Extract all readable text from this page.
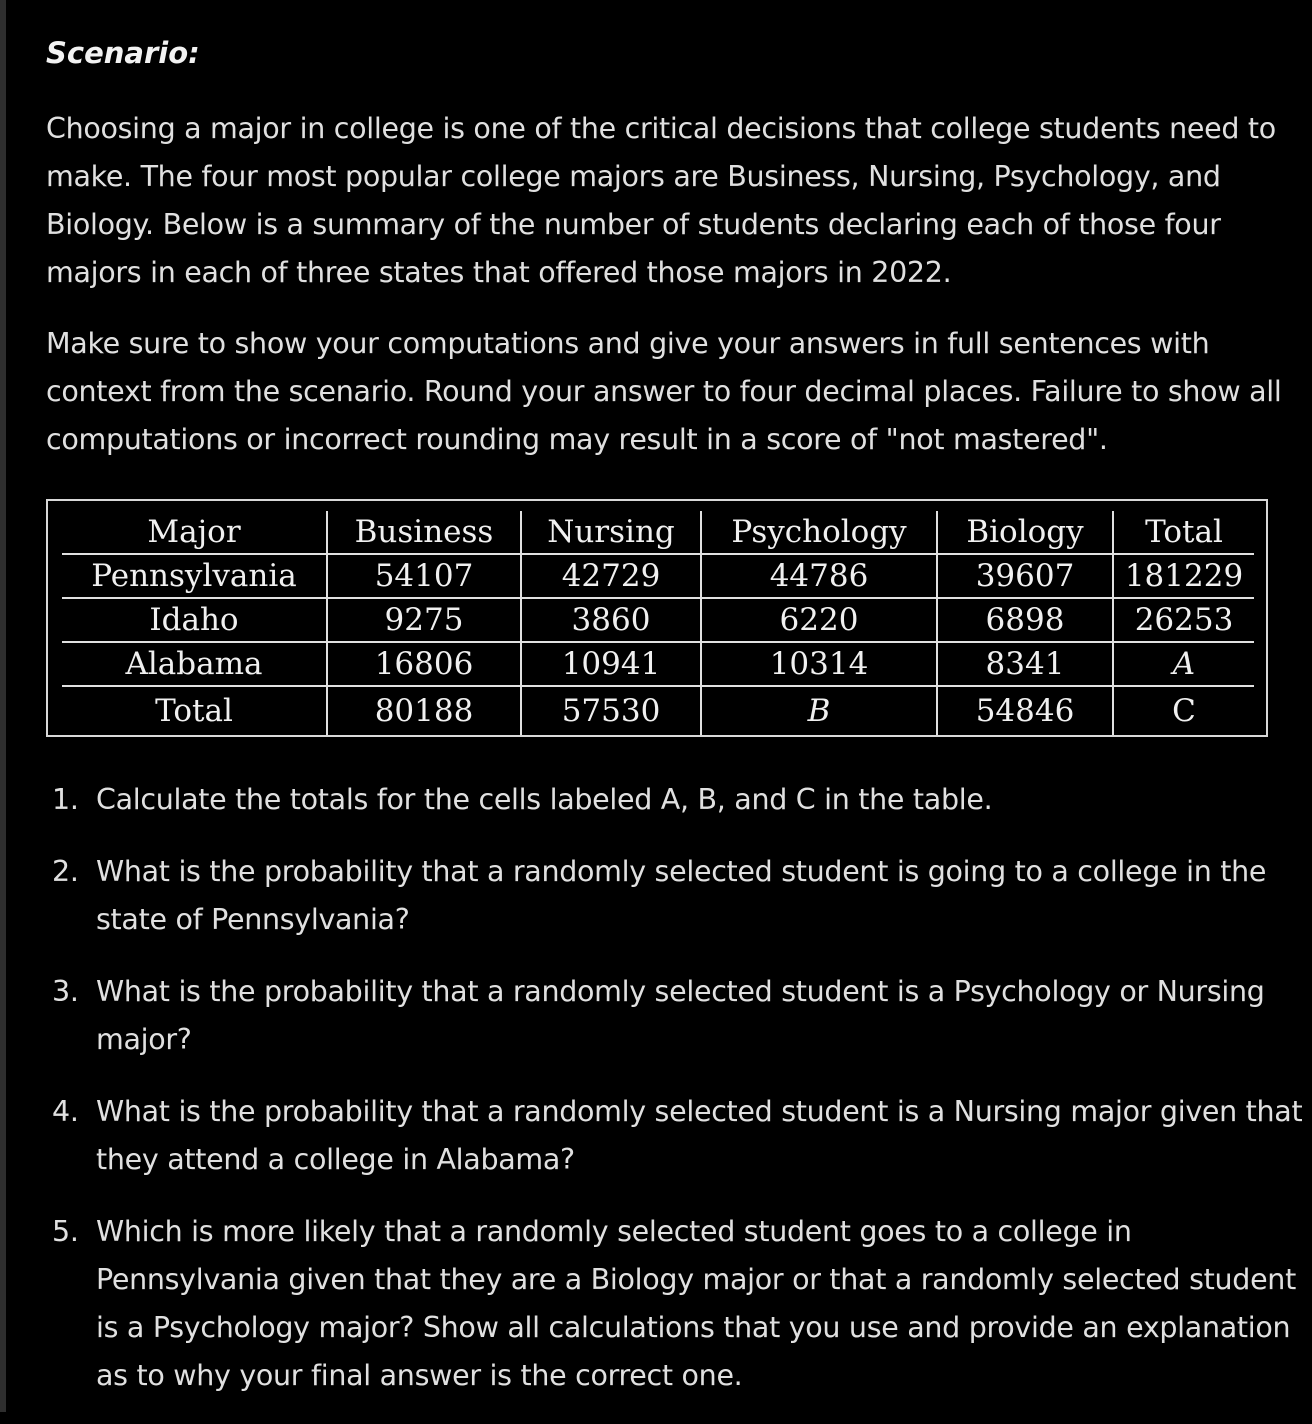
Scenario:
Choosing a major in college is one of the critical decisions that college students need to make. The four most popular college majors are Business, Nursing, Psychology, and Biology. Below is a summary of the number of students declaring each of those four majors in each of three states that offered those majors in 2022.
Make sure to show your computations and give your answers in full sentences with context from the scenario. Round your answer to four decimal places. Failure to show all computations or incorrect rounding may result in a score of "not mastered".
Major	Business	Nursing	Psychology	Biology	Total
Pennsylvania	54107	42729	44786	39607	181229
Idaho	9275	3860	6220	6898	26253
Alabama	16806	10941	10314	8341	A
Total	80188	57530	B	54846	C
1. Calculate the totals for the cells labeled A, B, and C in the table.
2. What is the probability that a randomly selected student is going to a college in the state of Pennsylvania?
3. What is the probability that a randomly selected student is a Psychology or Nursing major?
4. What is the probability that a randomly selected student is a Nursing major given that they attend a college in Alabama?
5. Which is more likely that a randomly selected student goes to a college in Pennsylvania given that they are a Biology major or that a randomly selected student is a Psychology major? Show all calculations that you use and provide an explanation as to why your final answer is the correct one.
